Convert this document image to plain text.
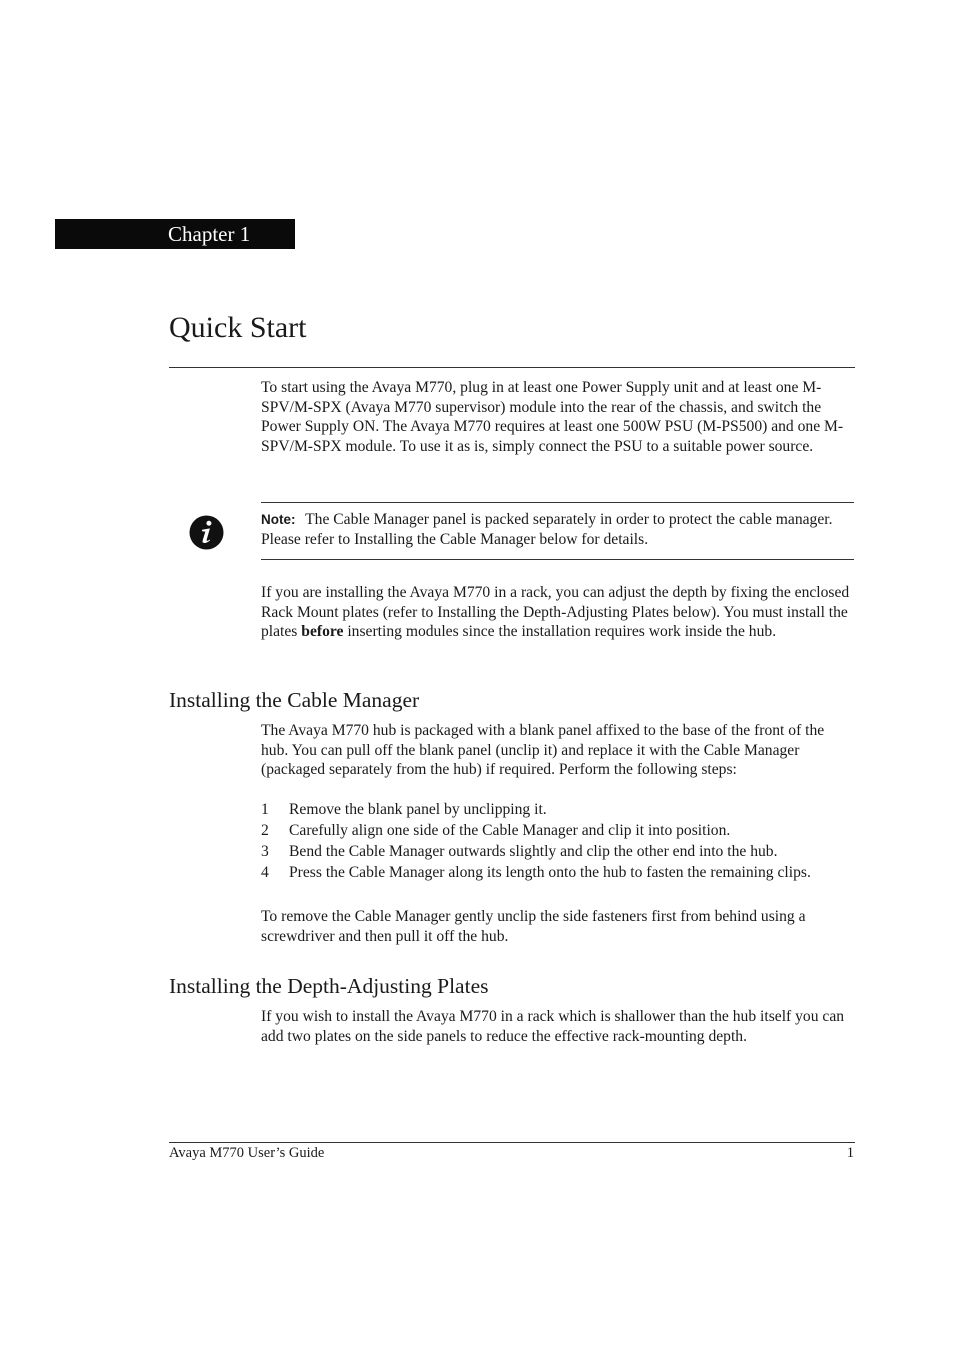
Chapter 1
Quick Start

To start using the Avaya M770, plug in at least one Power Supply unit and at least one M-SPV/M-SPX (Avaya M770 supervisor) module into the rear of the chassis, and switch the Power Supply ON. The Avaya M770 requires at least one 500W PSU (M-PS500) and one M-SPV/M-SPX module. To use it as is, simply connect the PSU to a suitable power source.

Note: The Cable Manager panel is packed separately in order to protect the cable manager. Please refer to Installing the Cable Manager below for details.

If you are installing the Avaya M770 in a rack, you can adjust the depth by fixing the enclosed Rack Mount plates (refer to Installing the Depth-Adjusting Plates below). You must install the plates before inserting modules since the installation requires work inside the hub.

Installing the Cable Manager

The Avaya M770 hub is packaged with a blank panel affixed to the base of the front of the hub. You can pull off the blank panel (unclip it) and replace it with the Cable Manager (packaged separately from the hub) if required. Perform the following steps:

1 Remove the blank panel by unclipping it.
2 Carefully align one side of the Cable Manager and clip it into position.
3 Bend the Cable Manager outwards slightly and clip the other end into the hub.
4 Press the Cable Manager along its length onto the hub to fasten the remaining clips.

To remove the Cable Manager gently unclip the side fasteners first from behind using a screwdriver and then pull it off the hub.

Installing the Depth-Adjusting Plates

If you wish to install the Avaya M770 in a rack which is shallower than the hub itself you can add two plates on the side panels to reduce the effective rack-mounting depth.

Avaya M770 User’s Guide	1
